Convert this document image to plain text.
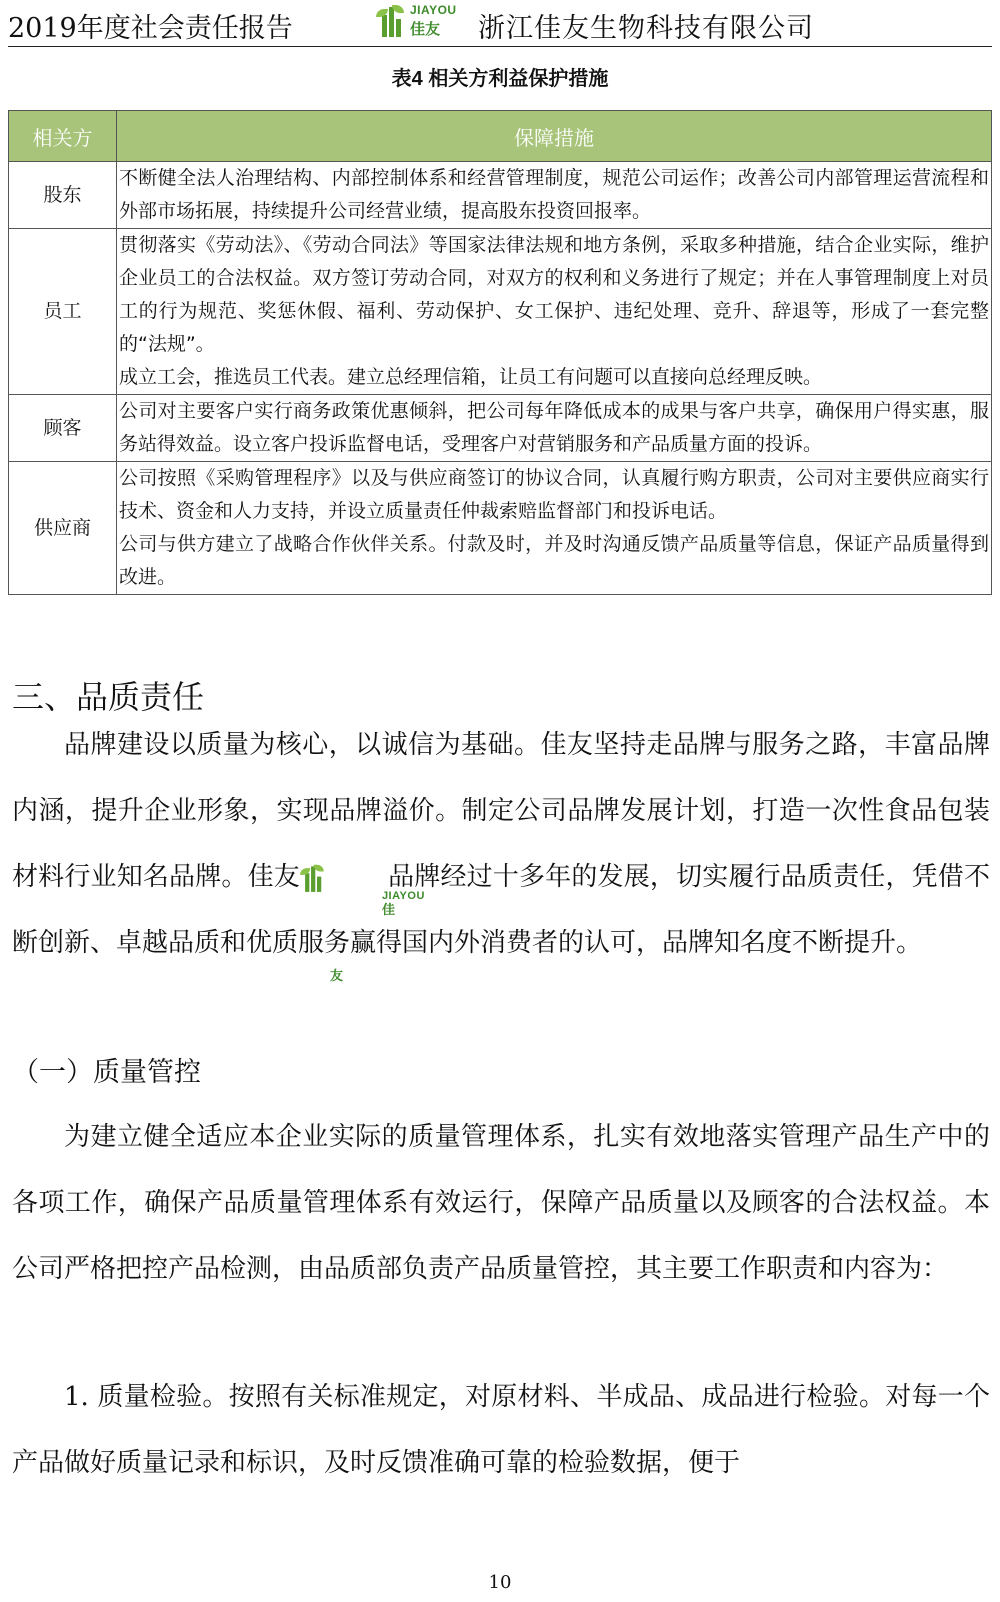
2019年度社会责任报告
JIAYOU
佳友 浙江佳友生物科技有限公司
表4 相关方利益保护措施
相关方	保障措施
股东	不断健全法人治理结构、内部控制体系和经营管理制度，规范公司运作；改善公司内部管理运营流程和外部市场拓展，持续提升公司经营业绩，提高股东投资回报率。

员工	贯彻落实《劳动法》、《劳动合同法》等国家法律法规和地方条例，采取多种措施，结合企业实际，维护企业员工的合法权益。双方签订劳动合同，对双方的权利和义务进行了规定；并在人事管理制度上对员工的行为规范、奖惩休假、福利、劳动保护、女工保护、违纪处理、竞升、辞退等，形成了一套完整的“法规”。
成立工会，推选员工代表。建立总经理信箱，让员工有问题可以直接向总经理反映。

顾客	公司对主要客户实行商务政策优惠倾斜，把公司每年降低成本的成果与客户共享，确保用户得实惠，服务站得效益。设立客户投诉监督电话，受理客户对营销服务和产品质量方面的投诉。

供应商	公司按照《采购管理程序》以及与供应商签订的协议合同，认真履行购方职责，公司对主要供应商实行技术、资金和人力支持，并设立质量责任仲裁索赔监督部门和投诉电话。
公司与供方建立了战略合作伙伴关系。付款及时，并及时沟通反馈产品质量等信息，保证产品质量得到改进。
三、品质责任
品牌建设以质量为核心，以诚信为基础。佳友坚持走品牌与服务之路，丰富品牌内涵，提升企业形象，实现品牌溢价。制定公司品牌发展计划，打造一次性食品包装材料行业知名品牌。佳友
JIAYOU
佳友
品牌经过十多年的发展，切实履行品质责任，凭借不断创新、卓越品质和优质服务赢得国内外消费者的认可，品牌知名度不断提升。
（一）质量管控
为建立健全适应本企业实际的质量管理体系，扎实有效地落实管理产品生产中的各项工作，确保产品质量管理体系有效运行，保障产品质量以及顾客的合法权益。本公司严格把控产品检测，由品质部负责产品质量管控，其主要工作职责和内容为：
1. 质量检验。按照有关标准规定，对原材料、半成品、成品进行检验。对每一个产品做好质量记录和标识，及时反馈准确可靠的检验数据，便于
10
